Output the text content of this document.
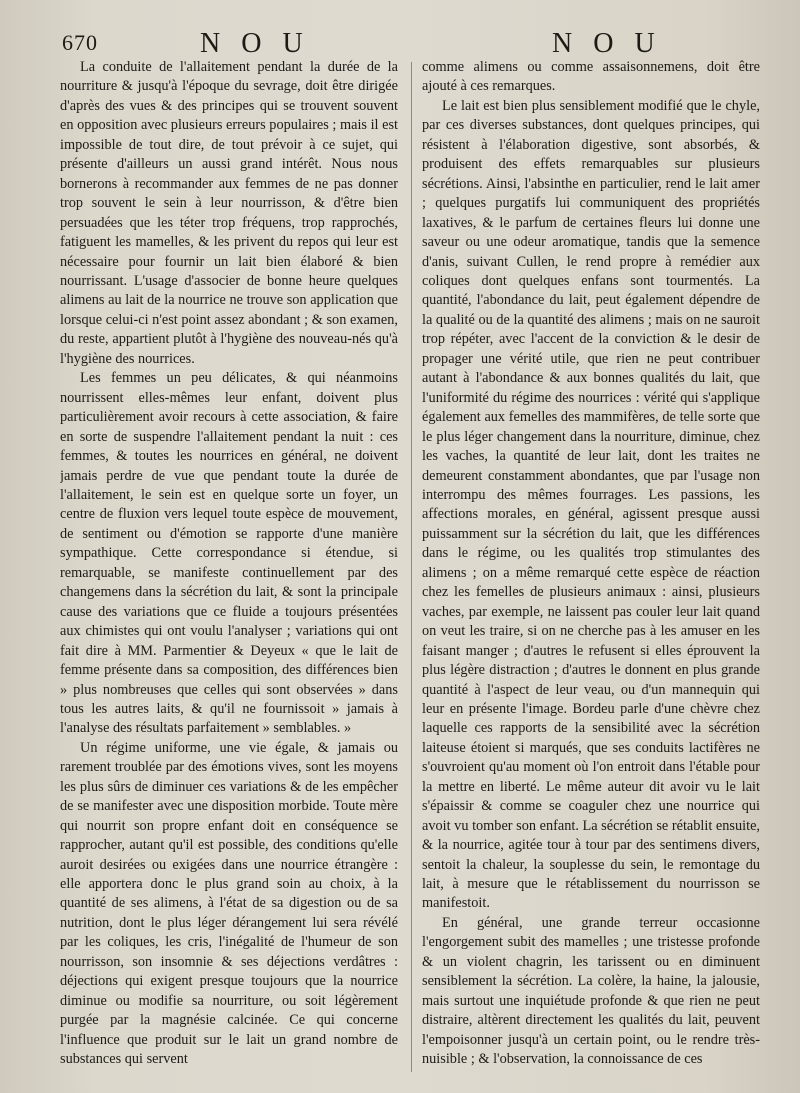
670	N O U	N O U

La conduite de l'allaitement pendant la durée de la nourriture & jusqu'à l'époque du sevrage, doit être dirigée d'après des vues & des principes qui se trouvent souvent en opposition avec plusieurs erreurs populaires ; mais il est impossible de tout dire, de tout prévoir à ce sujet, qui présente d'ailleurs un aussi grand intérêt. Nous nous bornerons à recommander aux femmes de ne pas donner trop souvent le sein à leur nourrisson, & d'être bien persuadées que les téter trop fréquens, trop rapprochés, fatiguent les mamelles, & les privent du repos qui leur est nécessaire pour fournir un lait bien élaboré & bien nourrissant. L'usage d'associer de bonne heure quelques alimens au lait de la nourrice ne trouve son application que lorsque celui-ci n'est point assez abondant ; & son examen, du reste, appartient plutôt à l'hygiène des nouveau-nés qu'à l'hygiène des nourrices.

Les femmes un peu délicates, & qui néanmoins nourrissent elles-mêmes leur enfant, doivent plus particulièrement avoir recours à cette association, & faire en sorte de suspendre l'allaitement pendant la nuit : ces femmes, & toutes les nourrices en général, ne doivent jamais perdre de vue que pendant toute la durée de l'allaitement, le sein est en quelque sorte un foyer, un centre de fluxion vers lequel toute espèce de mouvement, de sentiment ou d'émotion se rapporte d'une manière sympathique. Cette correspondance si étendue, si remarquable, se manifeste continuellement par des changemens dans la sécrétion du lait, & sont la principale cause des variations que ce fluide a toujours présentées aux chimistes qui ont voulu l'analyser ; variations qui ont fait dire à MM. Parmentier & Deyeux « que le lait de femme présente dans sa composition, des différences bien » plus nombreuses que celles qui sont observées » dans tous les autres laits, & qu'il ne fournissoit » jamais à l'analyse des résultats parfaitement » semblables. »

Un régime uniforme, une vie égale, & jamais ou rarement troublée par des émotions vives, sont les moyens les plus sûrs de diminuer ces variations & de les empêcher de se manifester avec une disposition morbide. Toute mère qui nourrit son propre enfant doit en conséquence se rapprocher, autant qu'il est possible, des conditions qu'elle auroit desirées ou exigées dans une nourrice étrangère : elle apportera donc le plus grand soin au choix, à la quantité de ses alimens, à l'état de sa digestion ou de sa nutrition, dont le plus léger dérangement lui sera révélé par les coliques, les cris, l'inégalité de l'humeur de son nourrisson, son insomnie & ses déjections verdâtres : déjections qui exigent presque toujours que la nourrice diminue ou modifie sa nourriture, ou soit légèrement purgée par la magnésie calcinée. Ce qui concerne l'influence que produit sur le lait un grand nombre de substances qui servent

comme alimens ou comme assaisonnemens, doit être ajouté à ces remarques.

Le lait est bien plus sensiblement modifié que le chyle, par ces diverses substances, dont quelques principes, qui résistent à l'élaboration digestive, sont absorbés, & produisent des effets remarquables sur plusieurs sécrétions. Ainsi, l'absinthe en particulier, rend le lait amer ; quelques purgatifs lui communiquent des propriétés laxatives, & le parfum de certaines fleurs lui donne une saveur ou une odeur aromatique, tandis que la semence d'anis, suivant Cullen, le rend propre à remédier aux coliques dont quelques enfans sont tourmentés. La quantité, l'abondance du lait, peut également dépendre de la qualité ou de la quantité des alimens ; mais on ne sauroit trop répéter, avec l'accent de la conviction & le desir de propager une vérité utile, que rien ne peut contribuer autant à l'abondance & aux bonnes qualités du lait, que l'uniformité du régime des nourrices : vérité qui s'applique également aux femelles des mammifères, de telle sorte que le plus léger changement dans la nourriture, diminue, chez les vaches, la quantité de leur lait, dont les traites ne demeurent constamment abondantes, que par l'usage non interrompu des mêmes fourrages. Les passions, les affections morales, en général, agissent presque aussi puissamment sur la sécrétion du lait, que les différences dans le régime, ou les qualités trop stimulantes des alimens ; on a même remarqué cette espèce de réaction chez les femelles de plusieurs animaux : ainsi, plusieurs vaches, par exemple, ne laissent pas couler leur lait quand on veut les traire, si on ne cherche pas à les amuser en les faisant manger ; d'autres le refusent si elles éprouvent la plus légère distraction ; d'autres le donnent en plus grande quantité à l'aspect de leur veau, ou d'un mannequin qui leur en présente l'image. Bordeu parle d'une chèvre chez laquelle ces rapports de la sensibilité avec la sécrétion laiteuse étoient si marqués, que ses conduits lactifères ne s'ouvroient qu'au moment où l'on entroit dans l'étable pour la mettre en liberté. Le même auteur dit avoir vu le lait s'épaissir & comme se coaguler chez une nourrice qui avoit vu tomber son enfant. La sécrétion se rétablit ensuite, & la nourrice, agitée tour à tour par des sentimens divers, sentoit la chaleur, la souplesse du sein, le remontage du lait, à mesure que le rétablissement du nourrisson se manifestoit.

En général, une grande terreur occasionne l'engorgement subit des mamelles ; une tristesse profonde & un violent chagrin, les tarissent ou en diminuent sensiblement la sécrétion. La colère, la haine, la jalousie, mais surtout une inquiétude profonde & que rien ne peut distraire, altèrent directement les qualités du lait, peuvent l'empoisonner jusqu'à un certain point, ou le rendre très-nuisible ; & l'observation, la connoissance de ces
